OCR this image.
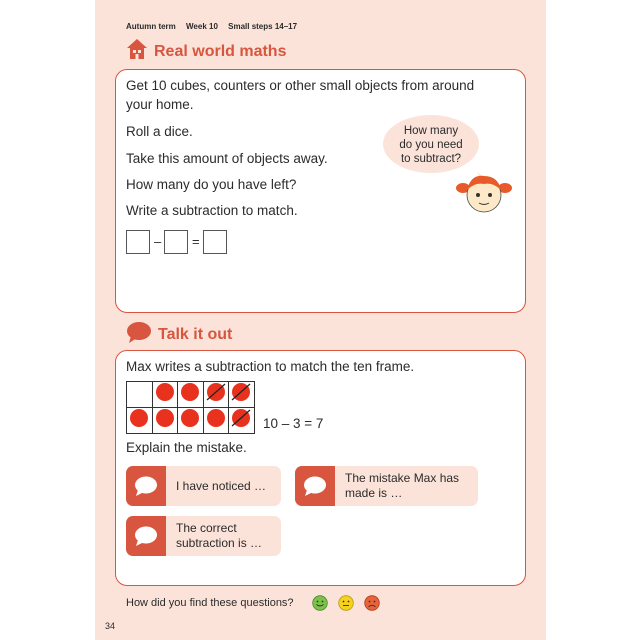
Autumn term Week 10 Small steps 14–17
Real world maths
Get 10 cubes, counters or other small objects from around
your home.
Roll a dice.
Take this amount of objects away.
How many do you have left?
Write a subtraction to match.
– =
How many
do you need
to subtract?
Talk it out
Max writes a subtraction to match the ten frame.

10 – 3 = 7
Explain the mistake.
I have noticed …
The mistake Max has
made is …
The correct
subtraction is …
How did you find these questions?
34
